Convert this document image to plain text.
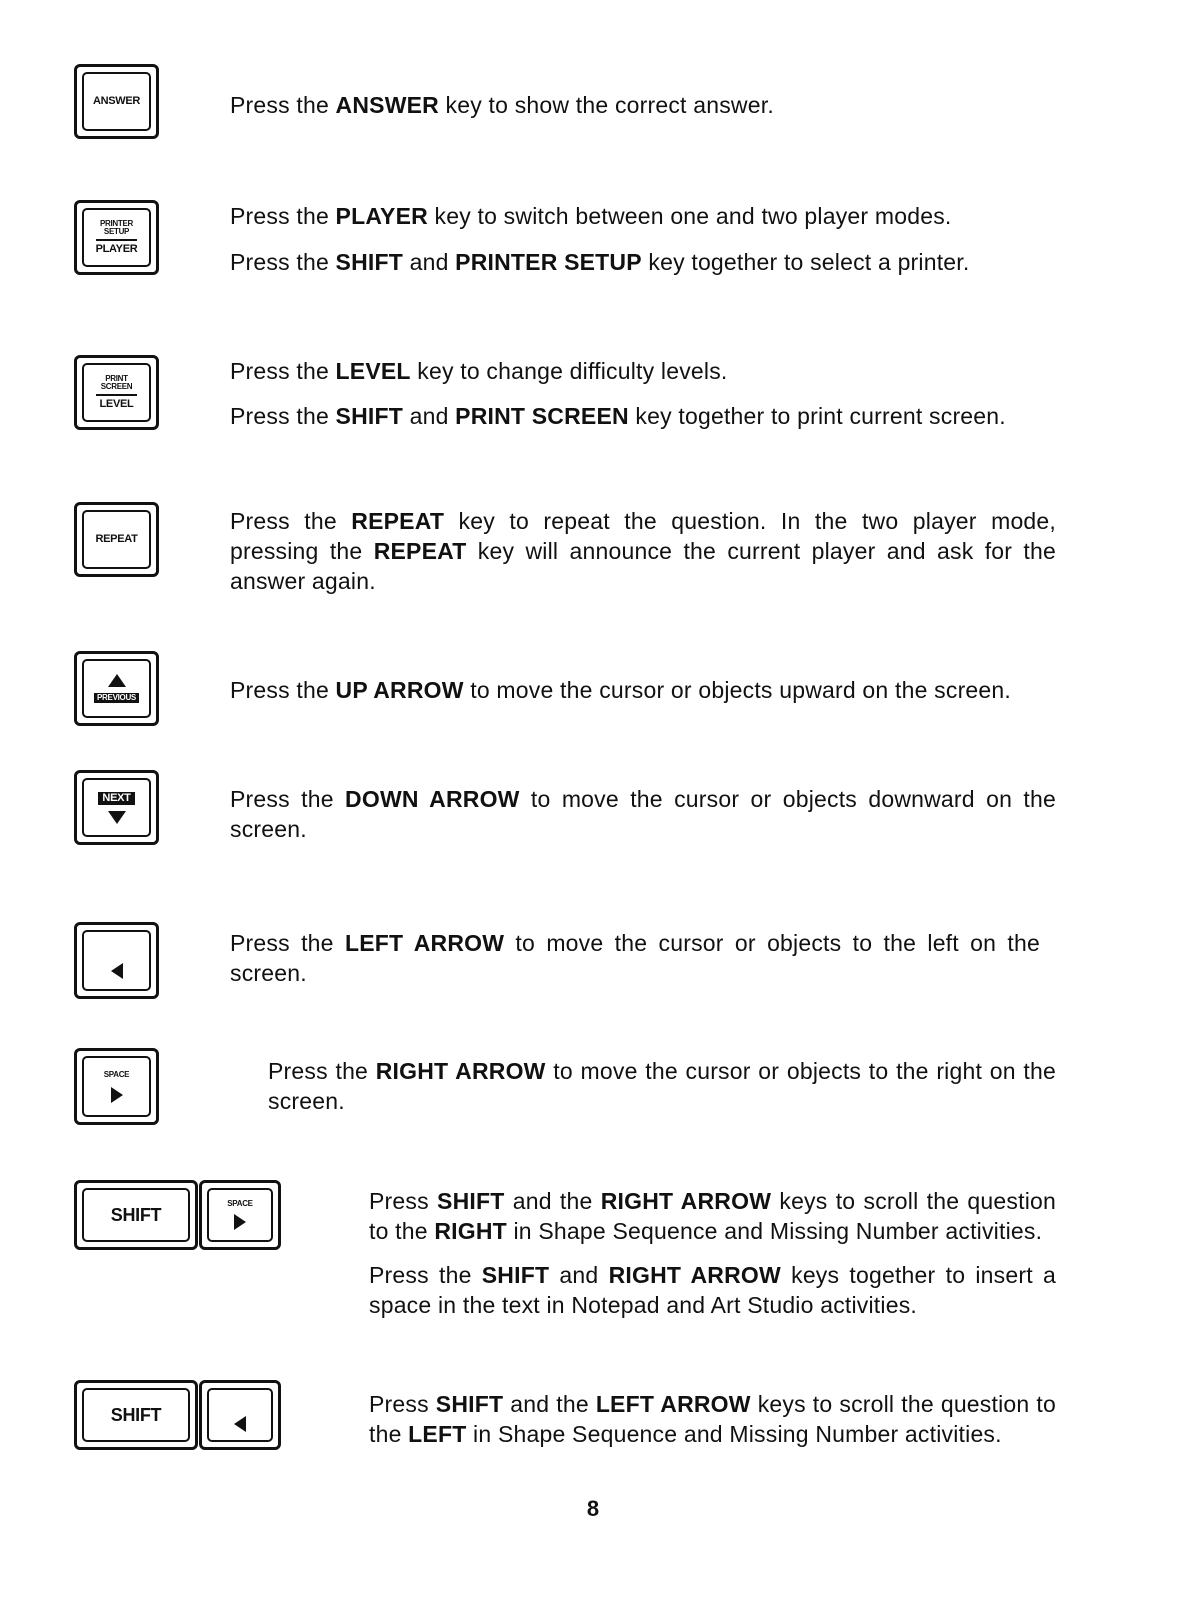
ANSWER	Press the ANSWER key to show the correct answer.

PRINTER SETUP
PLAYER

Press the PLAYER key to switch between one and two player modes.

Press the SHIFT and PRINTER SETUP key together to select a printer.

PRINT SCREEN
LEVEL

Press the LEVEL key to change difficulty levels.

Press the SHIFT and PRINT SCREEN key together to print current screen.

REPEAT

Press the REPEAT key to repeat the question. In the two player mode, pressing the REPEAT key will announce the current player and ask for the answer again.

PREVIOUS	Press the UP ARROW to move the cursor or objects upward on the screen.

NEXT	Press the DOWN ARROW to move the cursor or objects downward on the screen.

Press the LEFT ARROW to move the cursor or objects to the left on the screen.

SPACE	Press the RIGHT ARROW to move the cursor or objects to the right on the screen.

SHIFT
SPACE	Press SHIFT and the RIGHT ARROW keys to scroll the question to the RIGHT in Shape Sequence and Missing Number activities.

Press the SHIFT and RIGHT ARROW keys together to insert a space in the text in Notepad and Art Studio activities.

SHIFT	Press SHIFT and the LEFT ARROW keys to scroll the question to the LEFT in Shape Sequence and Missing Number activities.

8
